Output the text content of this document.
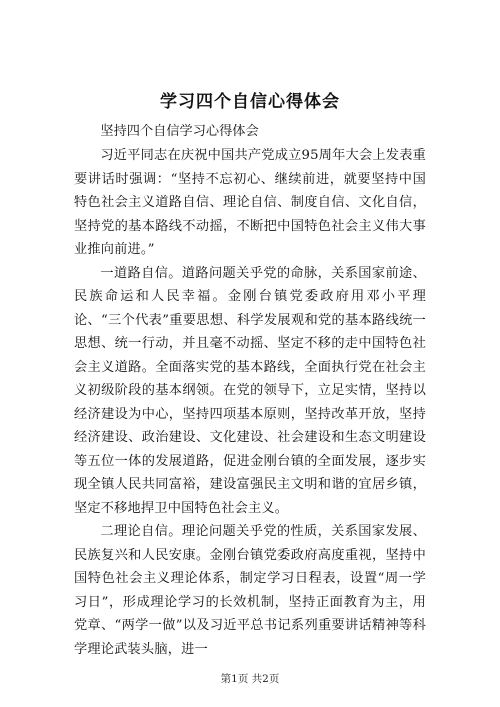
学习四个自信心得体会

坚持四个自信学习心得体会

习近平同志在庆祝中国共产党成立95周年大会上发表重要讲话时强调：“坚持不忘初心、继续前进，就要坚持中国特色社会主义道路自信、理论自信、制度自信、文化自信，坚持党的基本路线不动摇，不断把中国特色社会主义伟大事业推向前进。”

一道路自信。道路问题关乎党的命脉，关系国家前途、民族命运和人民幸福。金刚台镇党委政府用邓小平理论、“三个代表”重要思想、科学发展观和党的基本路线统一思想、统一行动，并且毫不动摇、坚定不移的走中国特色社会主义道路。全面落实党的基本路线，全面执行党在社会主义初级阶段的基本纲领。在党的领导下，立足实情，坚持以经济建设为中心，坚持四项基本原则，坚持改革开放，坚持经济建设、政治建设、文化建设、社会建设和生态文明建设等五位一体的发展道路，促进金刚台镇的全面发展，逐步实现全镇人民共同富裕，建设富强民主文明和谐的宜居乡镇，坚定不移地捍卫中国特色社会主义。

二理论自信。理论问题关乎党的性质，关系国家发展、民族复兴和人民安康。金刚台镇党委政府高度重视，坚持中国特色社会主义理论体系，制定学习日程表，设置“周一学习日”，形成理论学习的长效机制，坚持正面教育为主，用党章、“两学一做”以及习近平总书记系列重要讲话精神等科学理论武装头脑，进一

第1页 共2页
